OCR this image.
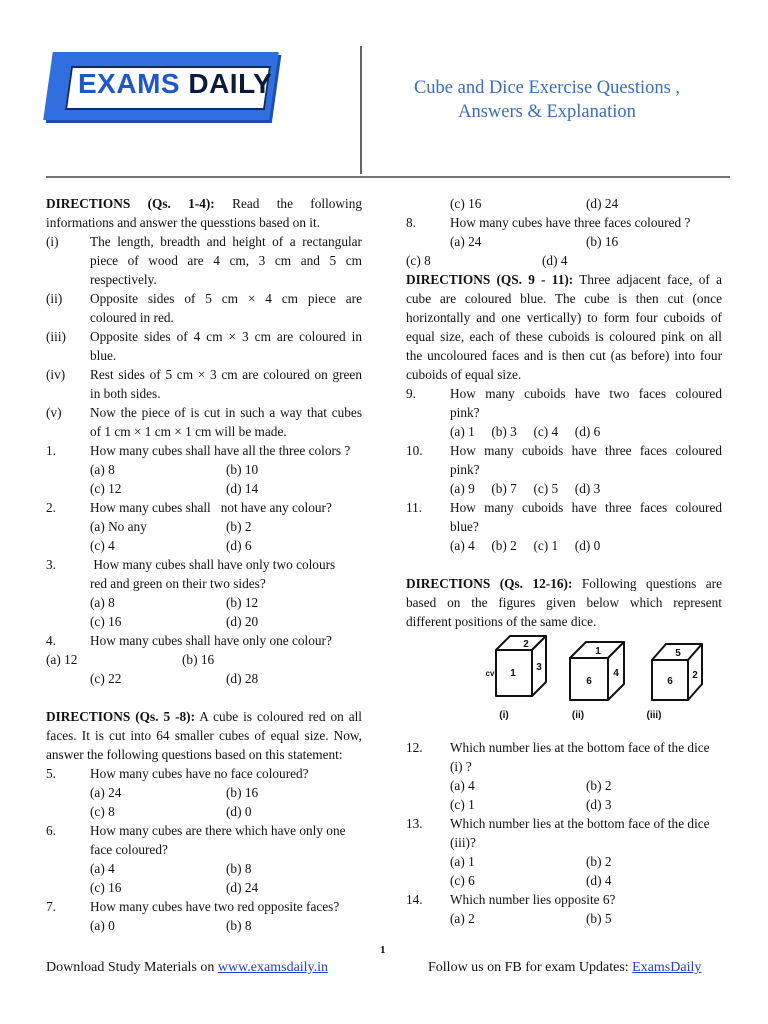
EXAMS DAILY	Cube and Dice Exercise Questions ,
Answers & Explanation
DIRECTIONS (Qs. 1-4): Read the following
informations and answer the quesstions based on it.
(i) The length, breadth and height of a rectangular
piece of wood are 4 cm, 3 cm and 5 cm
respectively.
(ii) Opposite sides of 5 cm × 4 cm piece are
coloured in red.
(iii) Opposite sides of 4 cm × 3 cm are coloured in
blue.
(iv) Rest sides of 5 cm × 3 cm are coloured on green
in both sides.
(v) Now the piece of is cut in such a way that cubes
of 1 cm × 1 cm × 1 cm will be made.
1.	How many cubes shall have all the three colors ?
(a) 8	(b) 10
(c) 12	(d) 14
2.	How many cubes shall   not have any colour?
(a) No any	(b) 2
(c) 4	(d) 6
3.	How many cubes shall have only two colours
red and green on their two sides?
(a) 8	(b) 12
(c) 16	(d) 20
4.	How many cubes shall have only one colour?
(a) 12	(b) 16
(c) 22	(d) 28
DIRECTIONS (Qs. 5 -8): A cube is coloured red on all
faces. It is cut into 64 smaller cubes of equal size. Now,
answer the following questions based on this statement:
5.	How many cubes have no face coloured?
(a) 24	(b) 16
(c) 8	(d) 0
6.	How many cubes are there which have only one
face coloured?
(a) 4	(b) 8
(c) 16	(d) 24
7.	How many cubes have two red opposite faces?
(a) 0	(b) 8
(c) 16	(d) 24
8.	How many cubes have three faces coloured ?
(a) 24	(b) 16
(c) 8	(d) 4
DIRECTIONS (QS. 9 - 11): Three adjacent face, of a
cube are coloured blue. The cube is then cut (once
horizontally and one vertically) to form four cuboids of
equal size, each of these cuboids is coloured pink on all
the uncoloured faces and is then cut (as before) into four
cuboids of equal size.
9.	How many cuboids have two faces coloured
pink?
(a) 1     (b) 3     (c) 4     (d) 6
10. How many cuboids have three faces coloured
pink?
(a) 9     (b) 7     (c) 5     (d) 3
11. How many cuboids have three faces coloured
blue?
(a) 4     (b) 2     (c) 1     (d) 0
DIRECTIONS (Qs. 12-16): Following questions are
based on the figures given below which represent
different positions of the same dice.
2
1
3
cv
1
6
4
5
6
2
(i)	(ii)	(iii)
12. Which number lies at the bottom face of the dice
(i) ?
(a) 4	(b) 2
(c) 1	(d) 3
13. Which number lies at the bottom face of the dice
(iii)?
(a) 1	(b) 2
(c) 6	(d) 4
14. Which number lies opposite 6?
(a) 2	(b) 5
1
Download Study Materials on www.examsdaily.in	Follow us on FB for exam Updates: ExamsDaily
